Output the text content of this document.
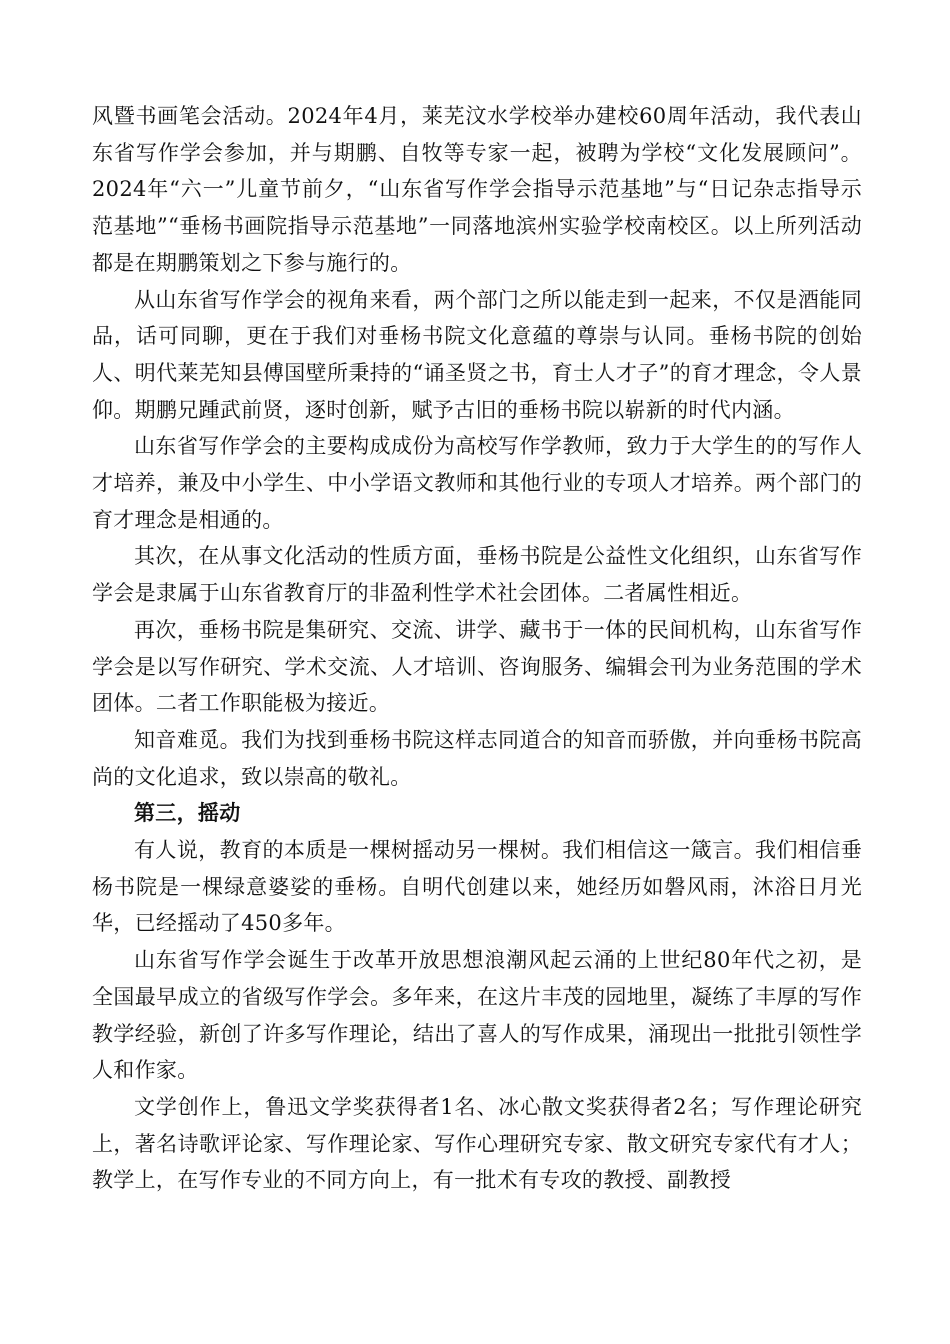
风暨书画笔会活动。2024年4月，莱芜汶水学校举办建校60周年活动，我代表山东省写作学会参加，并与期鹏、自牧等专家一起，被聘为学校“文化发展顾问”。2024年“六一”儿童节前夕，“山东省写作学会指导示范基地”与“日记杂志指导示范基地”“垂杨书画院指导示范基地”一同落地滨州实验学校南校区。以上所列活动都是在期鹏策划之下参与施行的。

从山东省写作学会的视角来看，两个部门之所以能走到一起来，不仅是酒能同品，话可同聊，更在于我们对垂杨书院文化意蕴的尊崇与认同。垂杨书院的创始人、明代莱芜知县傅国壁所秉持的“诵圣贤之书，育士人才子”的育才理念，令人景仰。期鹏兄踵武前贤，逐时创新，赋予古旧的垂杨书院以崭新的时代内涵。

山东省写作学会的主要构成成份为高校写作学教师，致力于大学生的的写作人才培养，兼及中小学生、中小学语文教师和其他行业的专项人才培养。两个部门的育才理念是相通的。

其次，在从事文化活动的性质方面，垂杨书院是公益性文化组织，山东省写作学会是隶属于山东省教育厅的非盈利性学术社会团体。二者属性相近。

再次，垂杨书院是集研究、交流、讲学、藏书于一体的民间机构，山东省写作学会是以写作研究、学术交流、人才培训、咨询服务、编辑会刊为业务范围的学术团体。二者工作职能极为接近。

知音难觅。我们为找到垂杨书院这样志同道合的知音而骄傲，并向垂杨书院高尚的文化追求，致以崇高的敬礼。

第三，摇动

有人说，教育的本质是一棵树摇动另一棵树。我们相信这一箴言。我们相信垂杨书院是一棵绿意婆娑的垂杨。自明代创建以来，她经历如磐风雨，沐浴日月光华，已经摇动了450多年。

山东省写作学会诞生于改革开放思想浪潮风起云涌的上世纪80年代之初，是全国最早成立的省级写作学会。多年来，在这片丰茂的园地里，凝练了丰厚的写作教学经验，新创了许多写作理论，结出了喜人的写作成果，涌现出一批批引领性学人和作家。

文学创作上，鲁迅文学奖获得者1名、冰心散文奖获得者2名；写作理论研究上，著名诗歌评论家、写作理论家、写作心理研究专家、散文研究专家代有才人；教学上，在写作专业的不同方向上，有一批术有专攻的教授、副教授
